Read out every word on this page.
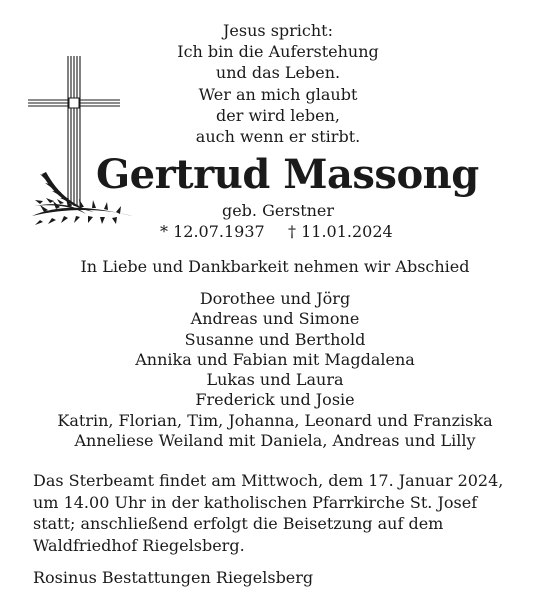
Jesus spricht:
Ich bin die Auferstehung
und das Leben.
Wer an mich glaubt
der wird leben,
auch wenn er stirbt.
Gertrud Massong
geb. Gerstner
* 12.07.1937 † 11.01.2024
In Liebe und Dankbarkeit nehmen wir Abschied
Dorothee und Jörg
Andreas und Simone
Susanne und Berthold
Annika und Fabian mit Magdalena
Lukas und Laura
Frederick und Josie
Katrin, Florian, Tim, Johanna, Leonard und Franziska
Anneliese Weiland mit Daniela, Andreas und Lilly
Das Sterbeamt findet am Mittwoch, dem 17. Januar 2024,
um 14.00 Uhr in der katholischen Pfarrkirche St. Josef
statt; anschließend erfolgt die Beisetzung auf dem
Waldfriedhof Riegelsberg.
Rosinus Bestattungen Riegelsberg
